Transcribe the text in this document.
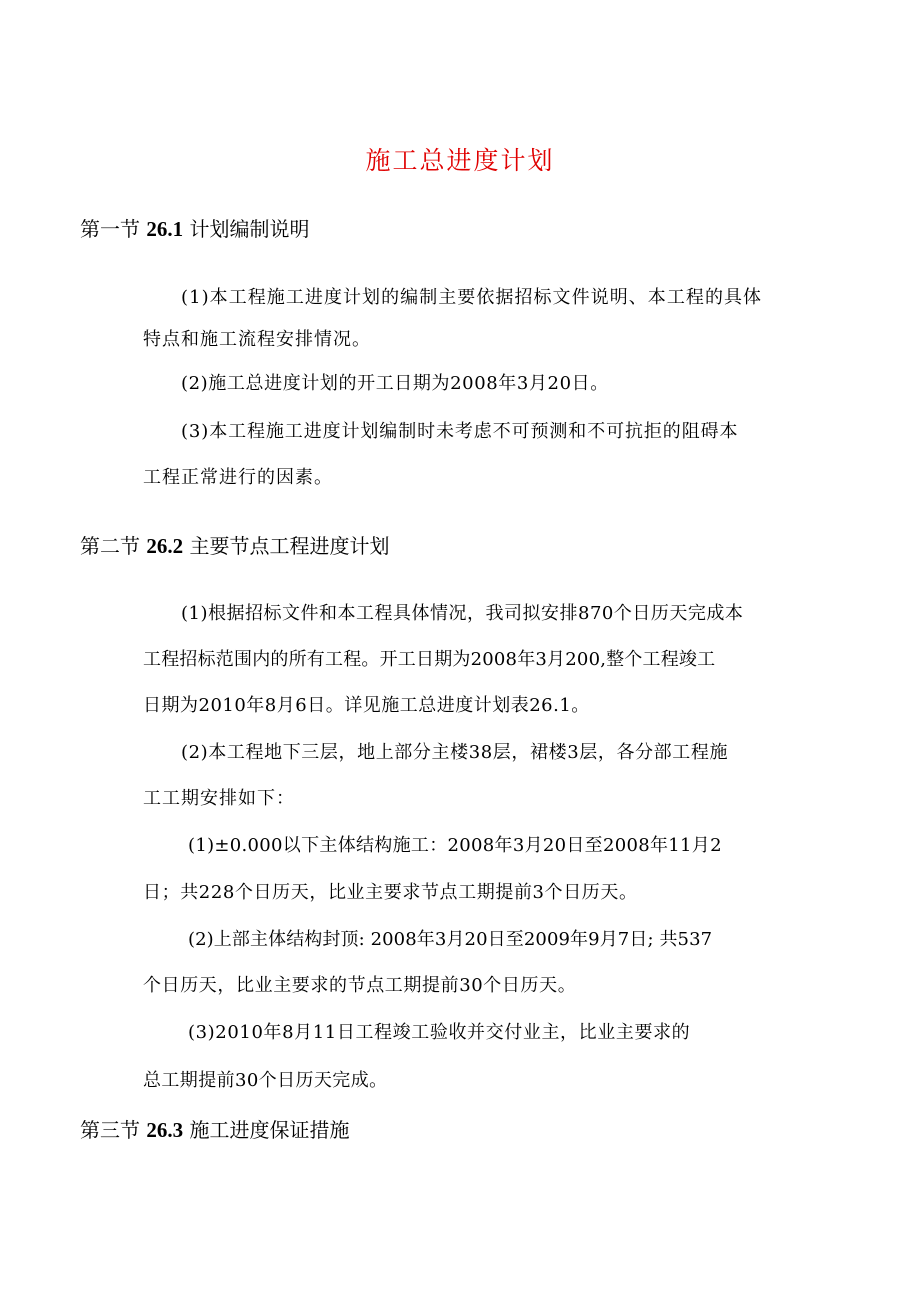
施工总进度计划
第一节 26.1 计划编制说明
(1)本工程施工进度计划的编制主要依据招标文件说明、本工程的具体
特点和施工流程安排情况。
(2)施工总进度计划的开工日期为2008年3月20日。
(3)本工程施工进度计划编制时未考虑不可预测和不可抗拒的阻碍本
工程正常进行的因素。
第二节 26.2 主要节点工程进度计划
(1)根据招标文件和本工程具体情况，我司拟安排870个日历天完成本
工程招标范围内的所有工程。开工日期为2008年3月200,整个工程竣工
日期为2010年8月6日。详见施工总进度计划表26.1。
(2)本工程地下三层，地上部分主楼38层，裙楼3层，各分部工程施
工工期安排如下：
(1)±0.000以下主体结构施工：2008年3月20日至2008年11月2
日；共228个日历天，比业主要求节点工期提前3个日历天。
(2)上部主体结构封顶: 2008年3月20日至2009年9月7日; 共537
个日历天，比业主要求的节点工期提前30个日历天。
(3)2010年8月11日工程竣工验收并交付业主，比业主要求的
总工期提前30个日历天完成。
第三节 26.3 施工进度保证措施
